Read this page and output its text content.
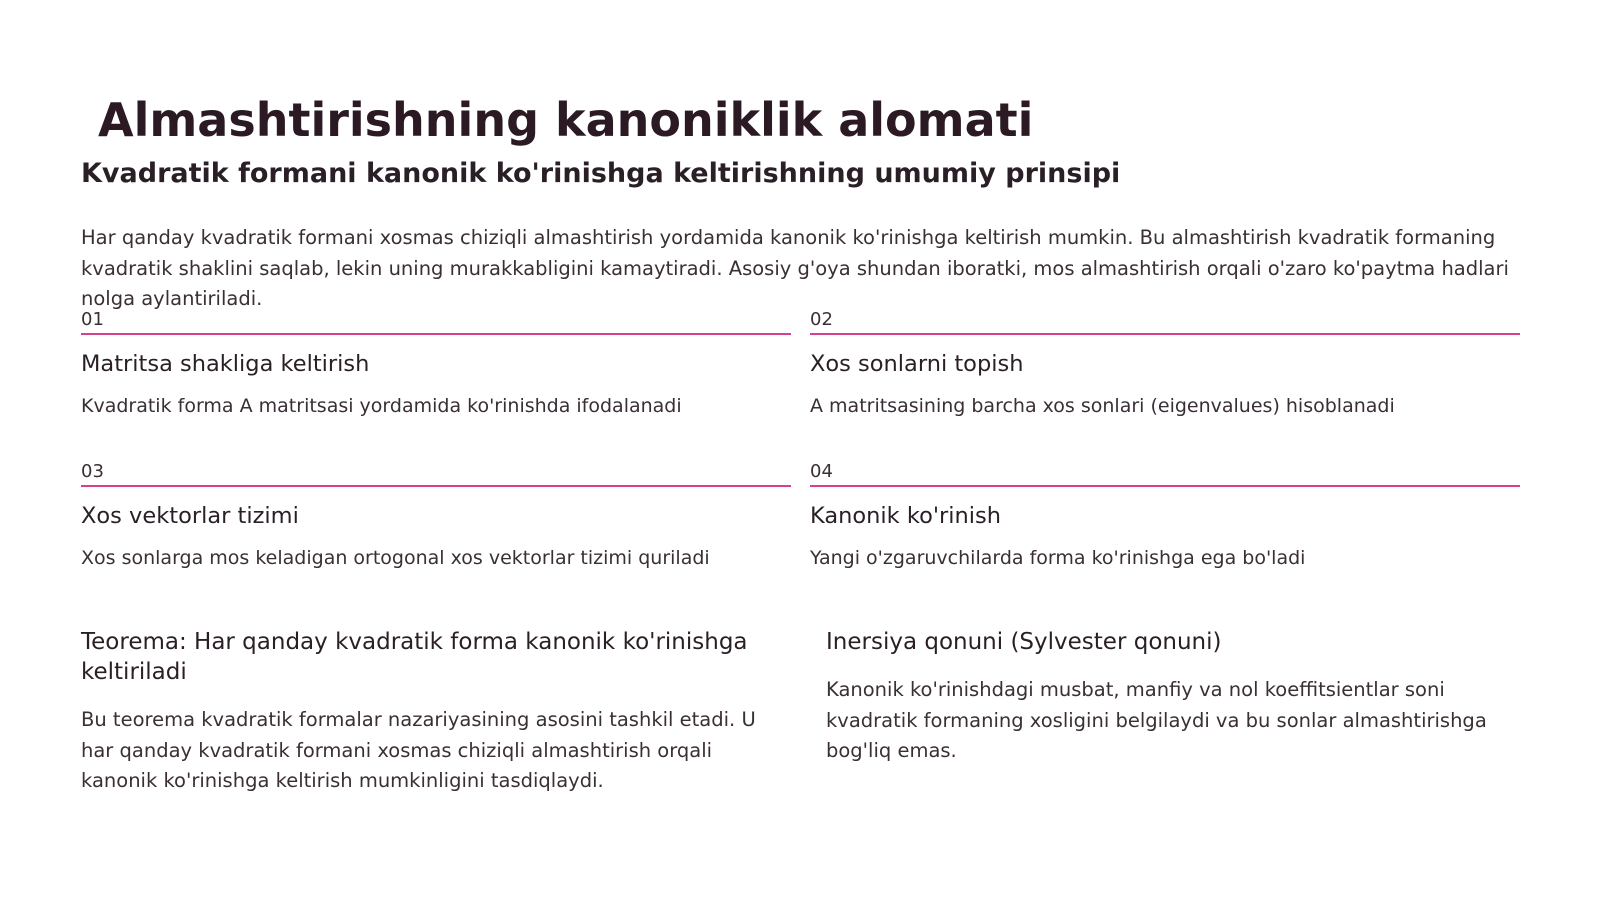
Almashtirishning kanoniklik alomati
Kvadratik formani kanonik ko'rinishga keltirishning umumiy prinsipi

Har qanday kvadratik formani xosmas chiziqli almashtirish yordamida kanonik ko'rinishga keltirish mumkin. Bu almashtirish kvadratik formaning kvadratik shaklini saqlab, lekin uning murakkabligini kamaytiradi. Asosiy g'oya shundan iboratki, mos almashtirish orqali o'zaro ko'paytma hadlari nolga aylantiriladi.

01
Matritsa shakliga keltirish
Kvadratik forma A matritsasi yordamida ko'rinishda ifodalanadi
02
Xos sonlarni topish
A matritsasining barcha xos sonlari (eigenvalues) hisoblanadi
03
Xos vektorlar tizimi
Xos sonlarga mos keladigan ortogonal xos vektorlar tizimi quriladi
04
Kanonik ko'rinish
Yangi o'zgaruvchilarda forma ko'rinishga ega bo'ladi
Teorema: Har qanday kvadratik forma kanonik ko'rinishga keltiriladi
Bu teorema kvadratik formalar nazariyasining asosini tashkil etadi. U har qanday kvadratik formani xosmas chiziqli almashtirish orqali kanonik ko'rinishga keltirish mumkinligini tasdiqlaydi.
Inersiya qonuni (Sylvester qonuni)
Kanonik ko'rinishdagi musbat, manfiy va nol koeffitsientlar soni kvadratik formaning xosligini belgilaydi va bu sonlar almashtirishga bog'liq emas.
